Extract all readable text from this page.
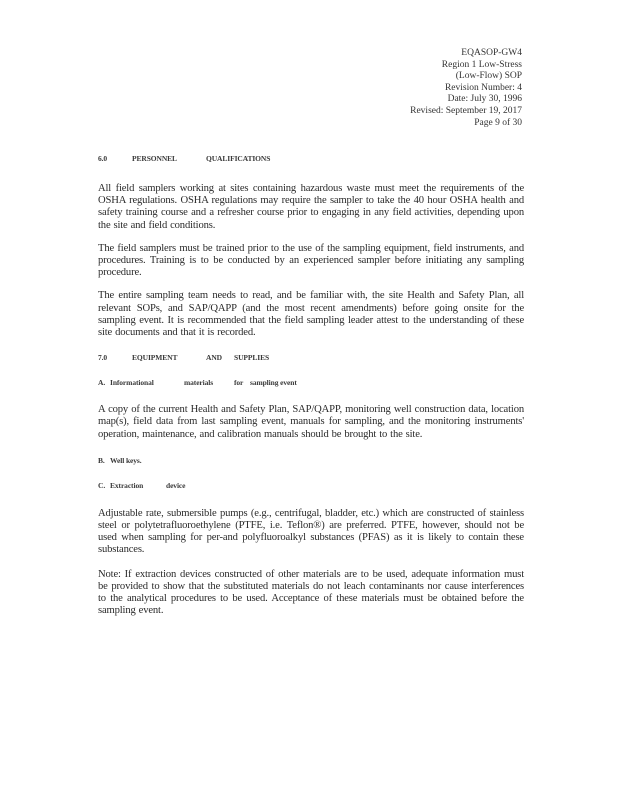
EQASOP-GW4
Region 1 Low-Stress
(Low-Flow) SOP
Revision Number: 4
Date: July 30, 1996
Revised: September 19, 2017
Page 9 of 30
6.0	PERSONNEL	QUALIFICATIONS

All field samplers working at sites containing hazardous waste must meet the requirements of the OSHA regulations. OSHA regulations may require the sampler to take the 40 hour OSHA health and safety training course and a refresher course prior to engaging in any field activities, depending upon the site and field conditions.

The field samplers must be trained prior to the use of the sampling equipment, field instruments, and procedures. Training is to be conducted by an experienced sampler before initiating any sampling procedure.

The entire sampling team needs to read, and be familiar with, the site Health and Safety Plan, all relevant SOPs, and SAP/QAPP (and the most recent amendments) before going onsite for the sampling event. It is recommended that the field sampling leader attest to the understanding of these site documents and that it is recorded.

7.0	EQUIPMENT	AND	SUPPLIES
A. Informational	materials	for sampling event

A copy of the current Health and Safety Plan, SAP/QAPP, monitoring well construction data, location map(s), field data from last sampling event, manuals for sampling, and the monitoring instruments' operation, maintenance, and calibration manuals should be brought to the site.

B. Well keys.
C. Extraction	device

Adjustable rate, submersible pumps (e.g., centrifugal, bladder, etc.) which are constructed of stainless steel or polytetrafluoroethylene (PTFE, i.e. Teflon®) are preferred. PTFE, however, should not be used when sampling for per-and polyfluoroalkyl substances (PFAS) as it is likely to contain these substances.

Note: If extraction devices constructed of other materials are to be used, adequate information must be provided to show that the substituted materials do not leach contaminants nor cause interferences to the analytical procedures to be used. Acceptance of these materials must be obtained before the sampling event.
